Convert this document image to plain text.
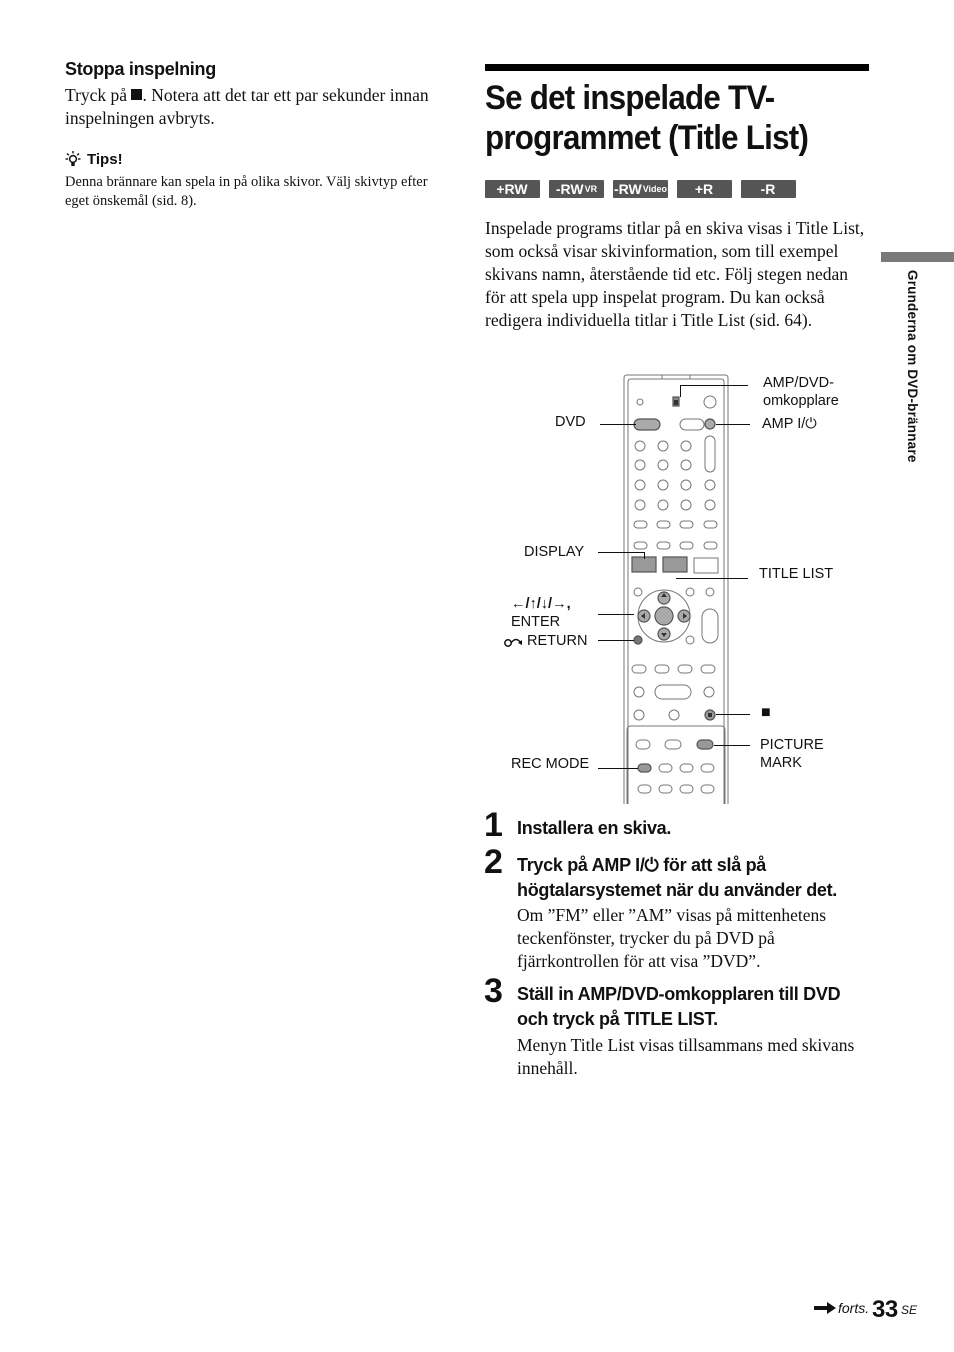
Stoppa inspelning
Tryck på . Notera att det tar ett par sekunder innan inspelningen avbryts.
Tips!
Denna brännare kan spela in på olika skivor. Välj skivtyp efter eget önskemål (sid. 8).
Se det inspelade TV-programmet (Title List)
+RW -RW VR -RW Video +R	-R
Inspelade programs titlar på en skiva visas i Title List, som också visar skivinformation, som till exempel skivans namn, återstående tid etc. Följ stegen nedan för att spela upp inspelat program. Du kan också redigera individuella titlar i Title List (sid. 64).
AMP/DVD-
omkopplare
DVD	AMP I/⏻
DISPLAY
TITLE LIST
←/↑/↓/→,
ENTER
RETURN
■
PICTURE
MARK
REC MODE
1 Installera en skiva.
2 Tryck på AMP I/⏻ för att slå på högtalarsystemet när du använder det.
Om ”FM” eller ”AM” visas på mittenhetens teckenfönster, trycker du på DVD på fjärrkontrollen för att visa ”DVD”.
3 Ställ in AMP/DVD-omkopplaren till DVD och tryck på TITLE LIST.
Menyn Title List visas tillsammans med skivans innehåll.
Grunderna om DVD-brännare
forts. 33 SE
